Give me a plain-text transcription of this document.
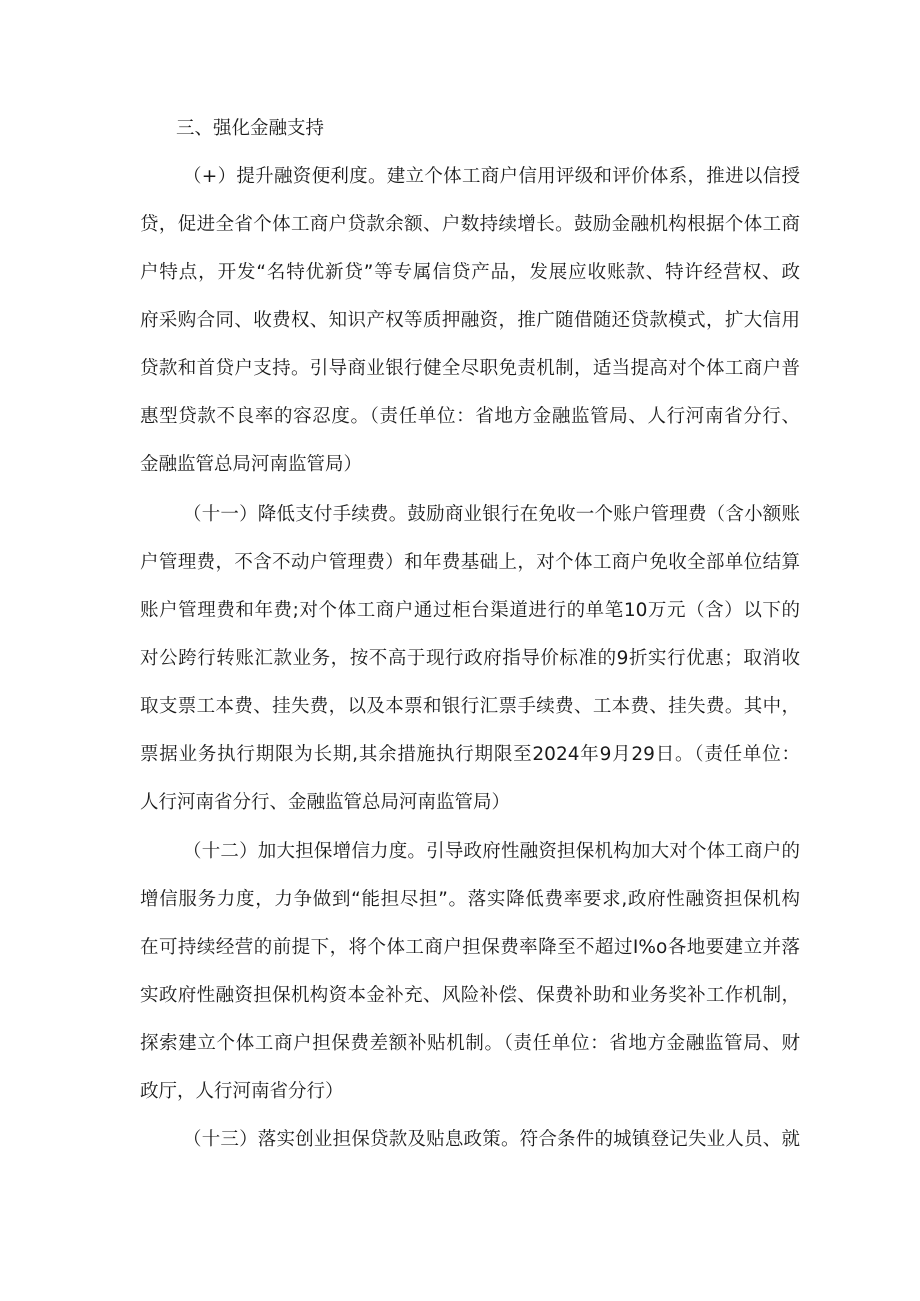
三、强化金融支持

（+）提升融资便利度。建立个体工商户信用评级和评价体系，推进以信授

贷，促进全省个体工商户贷款余额、户数持续增长。鼓励金融机构根据个体工商

户特点，开发“名特优新贷”等专属信贷产品，发展应收账款、特许经营权、政

府采购合同、收费权、知识产权等质押融资，推广随借随还贷款模式，扩大信用

贷款和首贷户支持。引导商业银行健全尽职免责机制，适当提高对个体工商户普

惠型贷款不良率的容忍度。（责任单位：省地方金融监管局、人行河南省分行、

金融监管总局河南监管局）

（十一）降低支付手续费。鼓励商业银行在免收一个账户管理费（含小额账

户管理费，不含不动户管理费）和年费基础上，对个体工商户免收全部单位结算

账户管理费和年费;对个体工商户通过柜台渠道进行的单笔10万元（含）以下的

对公跨行转账汇款业务，按不高于现行政府指导价标准的9折实行优惠；取消收

取支票工本费、挂失费，以及本票和银行汇票手续费、工本费、挂失费。其中，

票据业务执行期限为长期,其余措施执行期限至2024年9月29日。（责任单位：

人行河南省分行、金融监管总局河南监管局）

（十二）加大担保增信力度。引导政府性融资担保机构加大对个体工商户的

增信服务力度，力争做到“能担尽担”。落实降低费率要求,政府性融资担保机构

在可持续经营的前提下，将个体工商户担保费率降至不超过I%o各地要建立并落

实政府性融资担保机构资本金补充、风险补偿、保费补助和业务奖补工作机制，

探索建立个体工商户担保费差额补贴机制。（责任单位：省地方金融监管局、财

政厅，人行河南省分行）

（十三）落实创业担保贷款及贴息政策。符合条件的城镇登记失业人员、就
